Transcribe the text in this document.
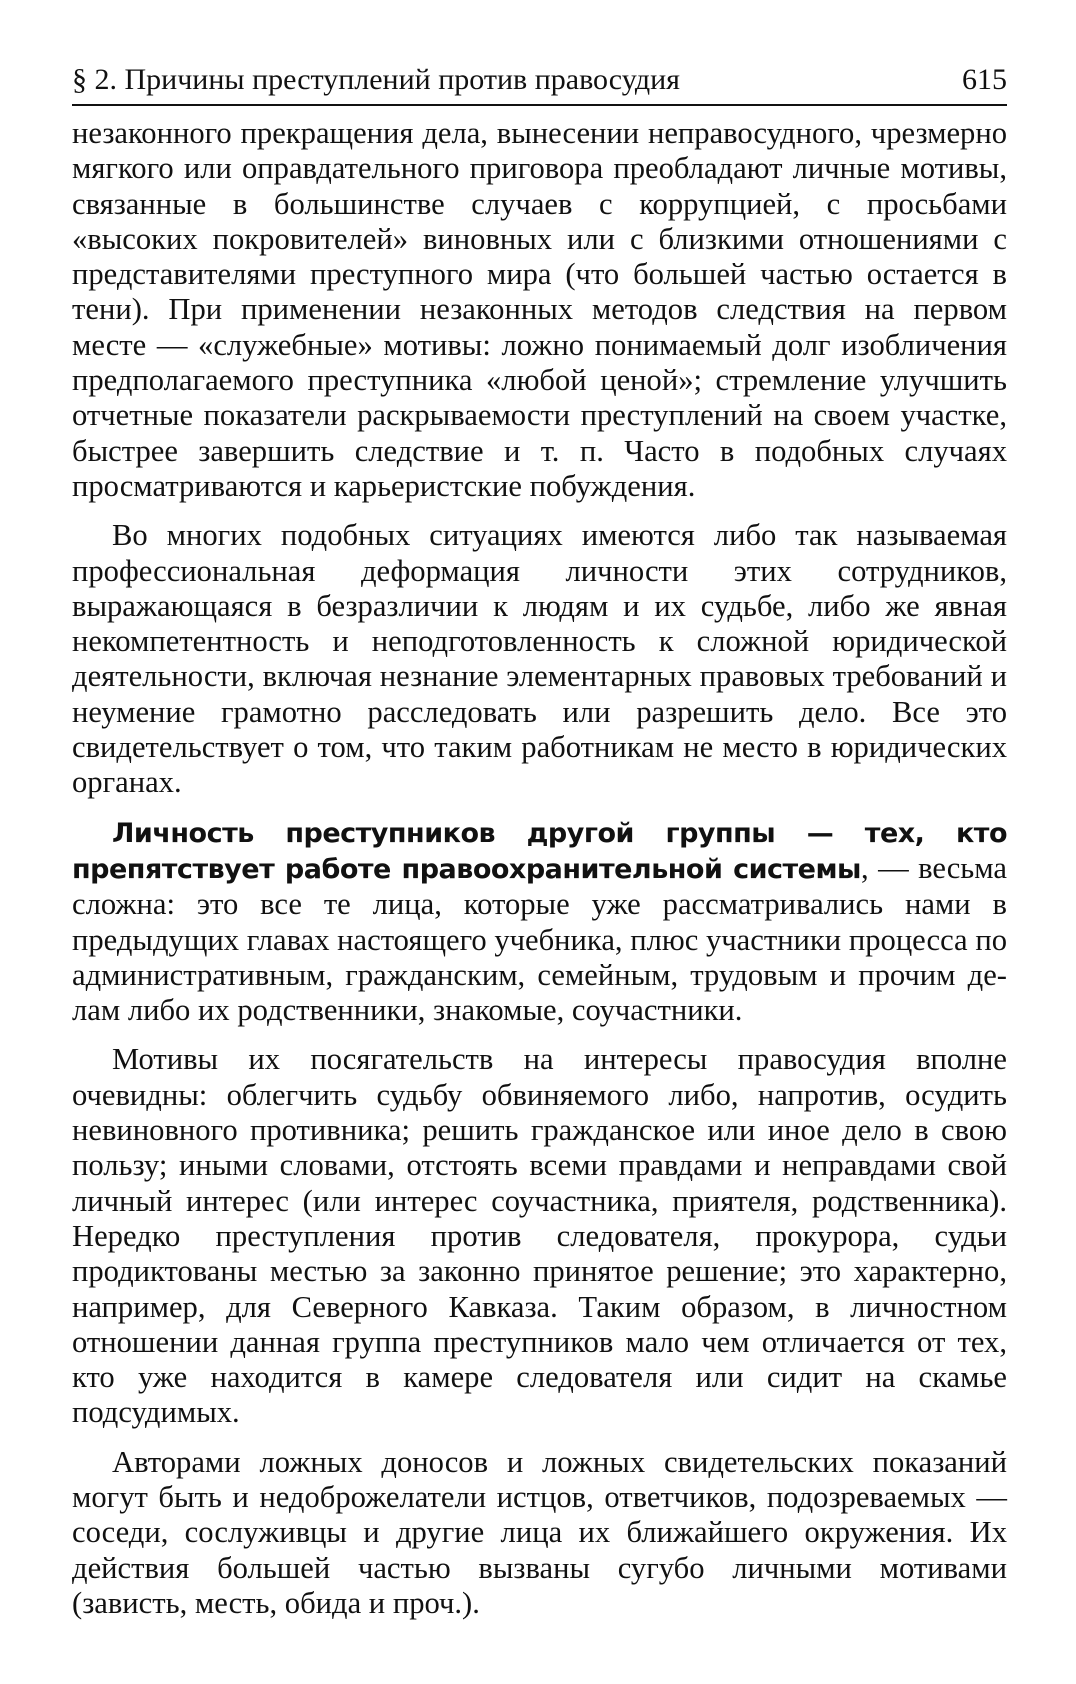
§ 2. Причины преступлений против правосудия	615

незаконного прекращения дела, вынесении неправосудного, чрезмерно мягкого или оправдательного приговора преобладают личные мотивы, связанные в большинстве случаев с коррупцией, с просьбами «высоких покровителей» виновных или с близкими отношениями с представителями преступного мира (что большей частью остается в тени). При применении незаконных методов следствия на первом месте — «служебные» мотивы: ложно понимаемый долг изобличения предполагаемого преступника «любой ценой»; стремление улучшить отчетные показатели раскрываемости преступлений на своем участке, быстрее завершить следствие и т. п. Часто в подобных случаях просматриваются и карьеристские побуждения.

Во многих подобных ситуациях имеются либо так называемая профессиональная деформация личности этих сотрудников, выражающаяся в безразличии к людям и их судьбе, либо же явная некомпетентность и неподготовленность к сложной юридической деятельности, включая незнание элементарных правовых требований и неумение грамотно расследовать или разрешить дело. Все это свидетельствует о том, что таким работникам не место в юридических органах.

Личность преступников другой группы — тех, кто препятствует работе правоохранительной системы, — весьма сложна: это все те лица, которые уже рассматривались нами в предыдущих главах настоящего учебника, плюс участники процесса по административным, гражданским, семейным, трудовым и прочим делам либо их родственники, знакомые, соучастники.

Мотивы их посягательств на интересы правосудия вполне очевидны: облегчить судьбу обвиняемого либо, напротив, осудить невиновного противника; решить гражданское или иное дело в свою пользу; иными словами, отстоять всеми правдами и неправдами свой личный интерес (или интерес соучастника, приятеля, родственника). Нередко преступления против следователя, прокурора, судьи продиктованы местью за законно принятое решение; это характерно, например, для Северного Кавказа. Таким образом, в личностном отношении данная группа преступников мало чем отличается от тех, кто уже находится в камере следователя или сидит на скамье подсудимых.

Авторами ложных доносов и ложных свидетельских показаний могут быть и недоброжелатели истцов, ответчиков, подозреваемых — соседи, сослуживцы и другие лица их ближайшего окружения. Их действия большей частью вызваны сугубо личными мотивами (зависть, месть, обида и проч.).
